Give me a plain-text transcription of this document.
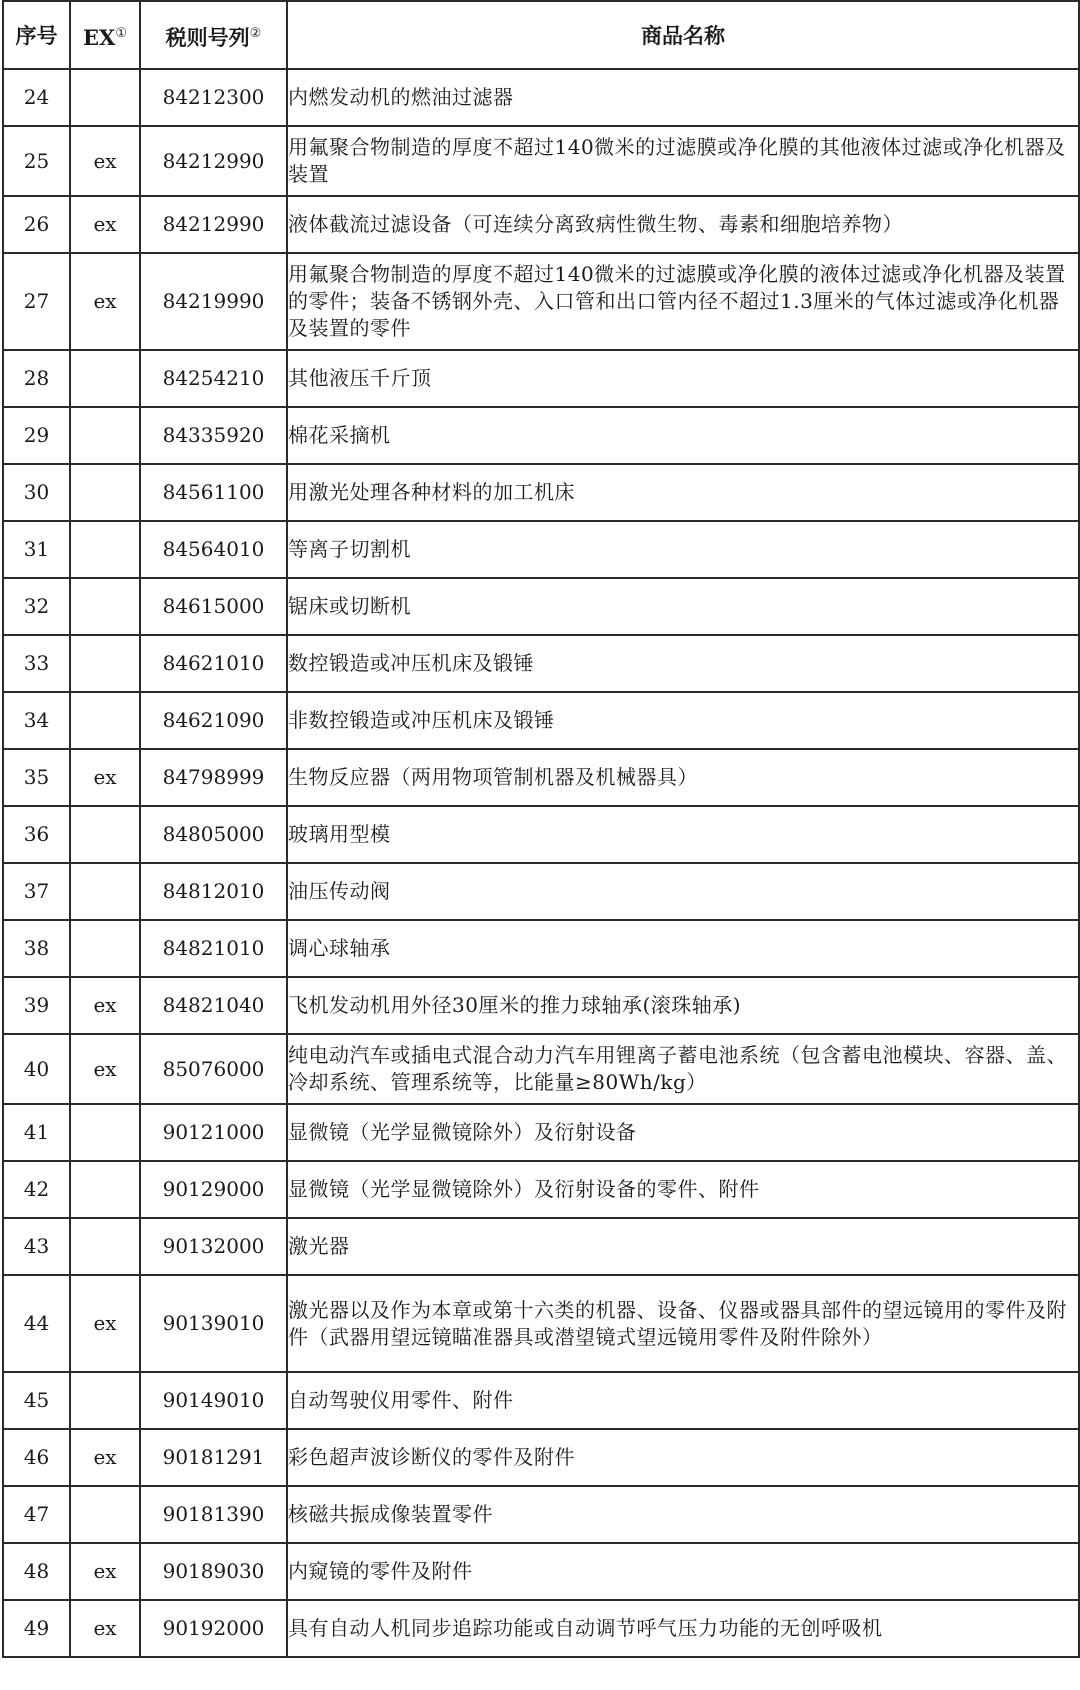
序号	EX①	税则号列②	商品名称
24		84212300	内燃发动机的燃油过滤器
25	ex	84212990	用氟聚合物制造的厚度不超过140微米的过滤膜或净化膜的其他液体过滤或净化机器及装置
26	ex	84212990	液体截流过滤设备（可连续分离致病性微生物、毒素和细胞培养物）
27	ex	84219990	用氟聚合物制造的厚度不超过140微米的过滤膜或净化膜的液体过滤或净化机器及装置的零件；装备不锈钢外壳、入口管和出口管内径不超过1.3厘米的气体过滤或净化机器及装置的零件
28		84254210	其他液压千斤顶
29		84335920	棉花采摘机
30		84561100	用激光处理各种材料的加工机床
31		84564010	等离子切割机
32		84615000	锯床或切断机
33		84621010	数控锻造或冲压机床及锻锤
34		84621090	非数控锻造或冲压机床及锻锤
35	ex	84798999	生物反应器（两用物项管制机器及机械器具）
36		84805000	玻璃用型模
37		84812010	油压传动阀
38		84821010	调心球轴承
39	ex	84821040	飞机发动机用外径30厘米的推力球轴承(滚珠轴承)
40	ex	85076000	纯电动汽车或插电式混合动力汽车用锂离子蓄电池系统（包含蓄电池模块、容器、盖、冷却系统、管理系统等，比能量≥80Wh/kg）
41		90121000	显微镜（光学显微镜除外）及衍射设备
42		90129000	显微镜（光学显微镜除外）及衍射设备的零件、附件
43		90132000	激光器
44	ex	90139010	激光器以及作为本章或第十六类的机器、设备、仪器或器具部件的望远镜用的零件及附件（武器用望远镜瞄准器具或潜望镜式望远镜用零件及附件除外）
45		90149010	自动驾驶仪用零件、附件
46	ex	90181291	彩色超声波诊断仪的零件及附件
47		90181390	核磁共振成像装置零件
48	ex	90189030	内窥镜的零件及附件
49	ex	90192000	具有自动人机同步追踪功能或自动调节呼气压力功能的无创呼吸机
